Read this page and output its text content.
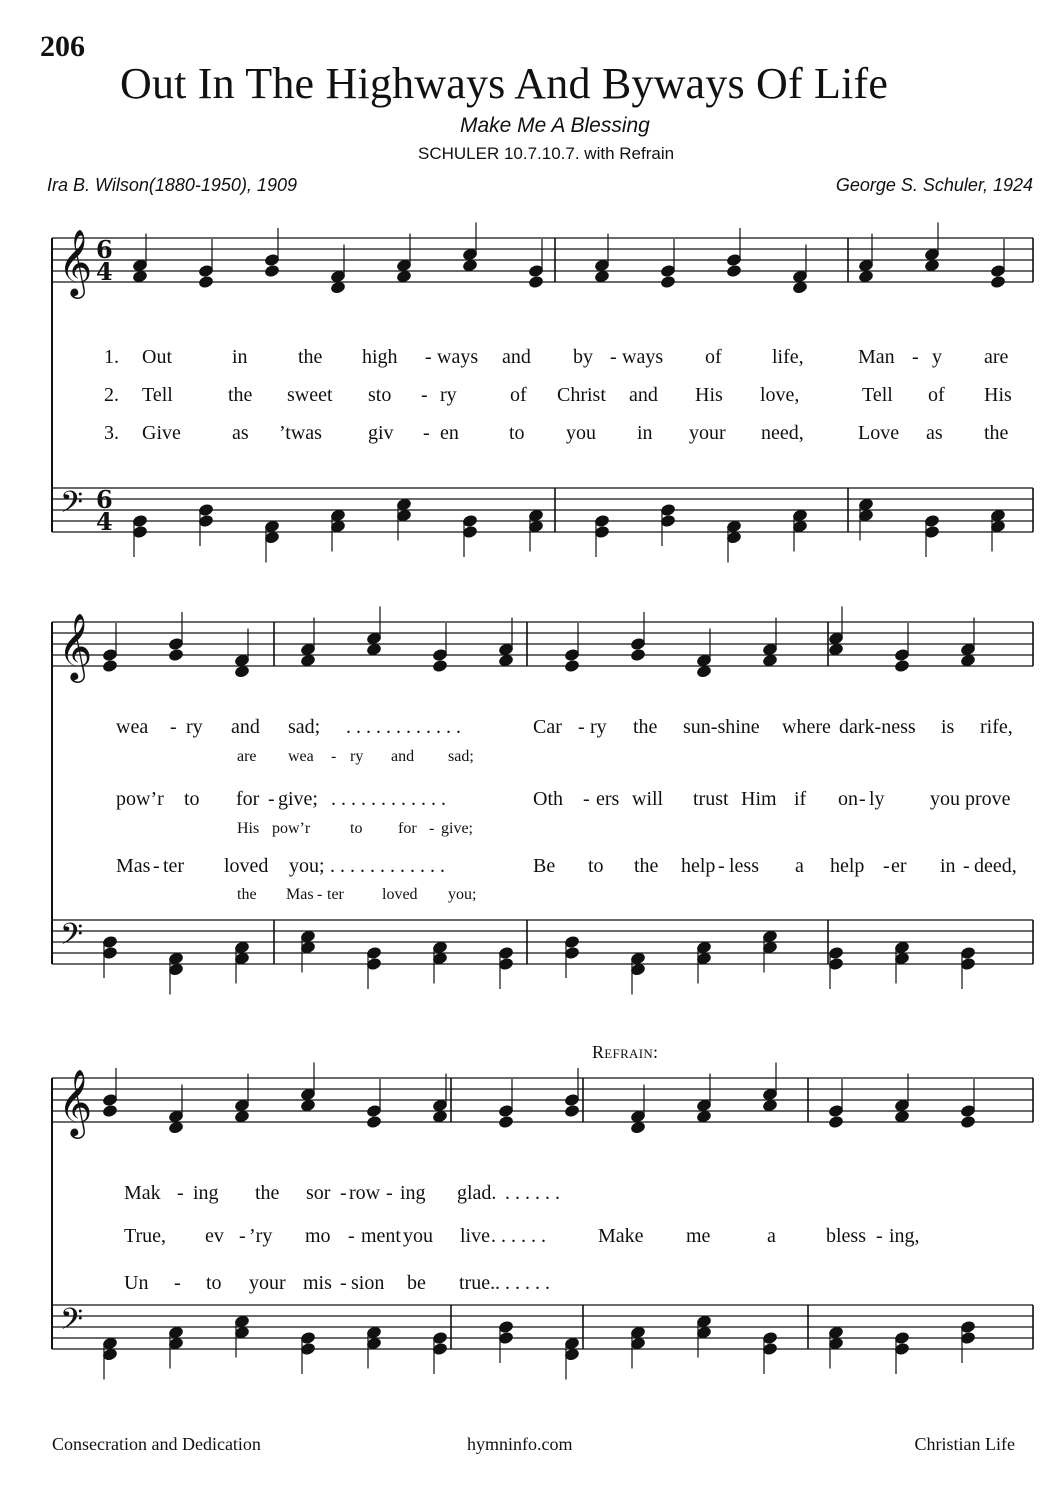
206
Out In The Highways And Byways Of Life
Make Me A Blessing
SCHULER 10.7.10.7. with Refrain
Ira B. Wilson(1880-1950), 1909	George S. Schuler, 1924
𝄞
𝄢
6
4
6
4
𝄞
𝄢
𝄞
𝄢
1. Out	in	the high - ways and by - ways of	life,	Man - y are
2. Tell	the sweet sto - ry	of Christ and His love,	Tell of His
3. Give	as ’twas giv - en	to you in your need,	Love as the
wea - ry and sad; . . . . . . . . . . . .	Car - ry the sun-shine where dark-ness is rife,
are wea - ry and sad;
pow’r to for - give; . . . . . . . . . . . .	Oth - ers will trust Him if on - ly you prove
His pow’r to for - give;
Mas - ter loved you; . . . . . . . . . . . .	Be to the help - less a help - er in - deed,
the Mas - ter loved you;
Mak - ing the sor - row - ing glad. . . . . . .
True, ev - ’ry mo - ment you live . . . . . .	Make me	a	bless - ing,
Un - to your mis - sion be true. . . . . . .
Refrain:
Consecration and Dedication	hymninfo.com	Christian Life
